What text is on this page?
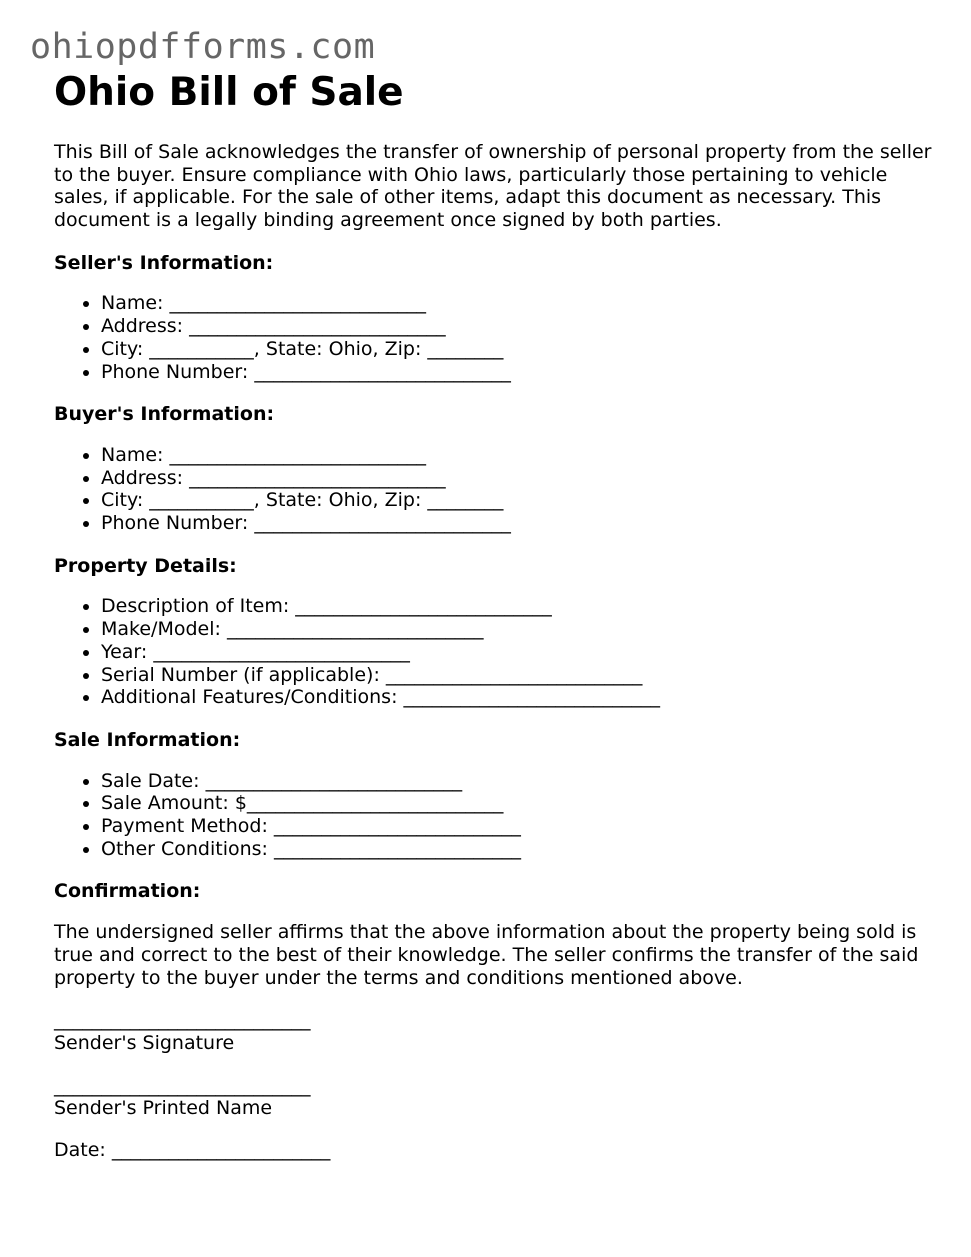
ohiopdfforms.com
Ohio Bill of Sale

This Bill of Sale acknowledges the transfer of ownership of personal property from the seller to the buyer. Ensure compliance with Ohio laws, particularly those pertaining to vehicle sales, if applicable. For the sale of other items, adapt this document as necessary. This document is a legally binding agreement once signed by both parties.

Seller's Information:
• Name: ___________________________
• Address: ___________________________
• City: ___________, State: Ohio, Zip: ________
• Phone Number: ___________________________
Buyer's Information:
• Name: ___________________________
• Address: ___________________________
• City: ___________, State: Ohio, Zip: ________
• Phone Number: ___________________________
Property Details:
• Description of Item: ___________________________
• Make/Model: ___________________________
• Year: ___________________________
• Serial Number (if applicable): ___________________________
• Additional Features/Conditions: ___________________________
Sale Information:
• Sale Date: ___________________________
• Sale Amount: $___________________________
• Payment Method: __________________________
• Other Conditions: __________________________
Confirmation:

The undersigned seller affirms that the above information about the property being sold is true and correct to the best of their knowledge. The seller confirms the transfer of the said property to the buyer under the terms and conditions mentioned above.

___________________________
Sender's Signature
___________________________
Sender's Printed Name
Date: _______________________
